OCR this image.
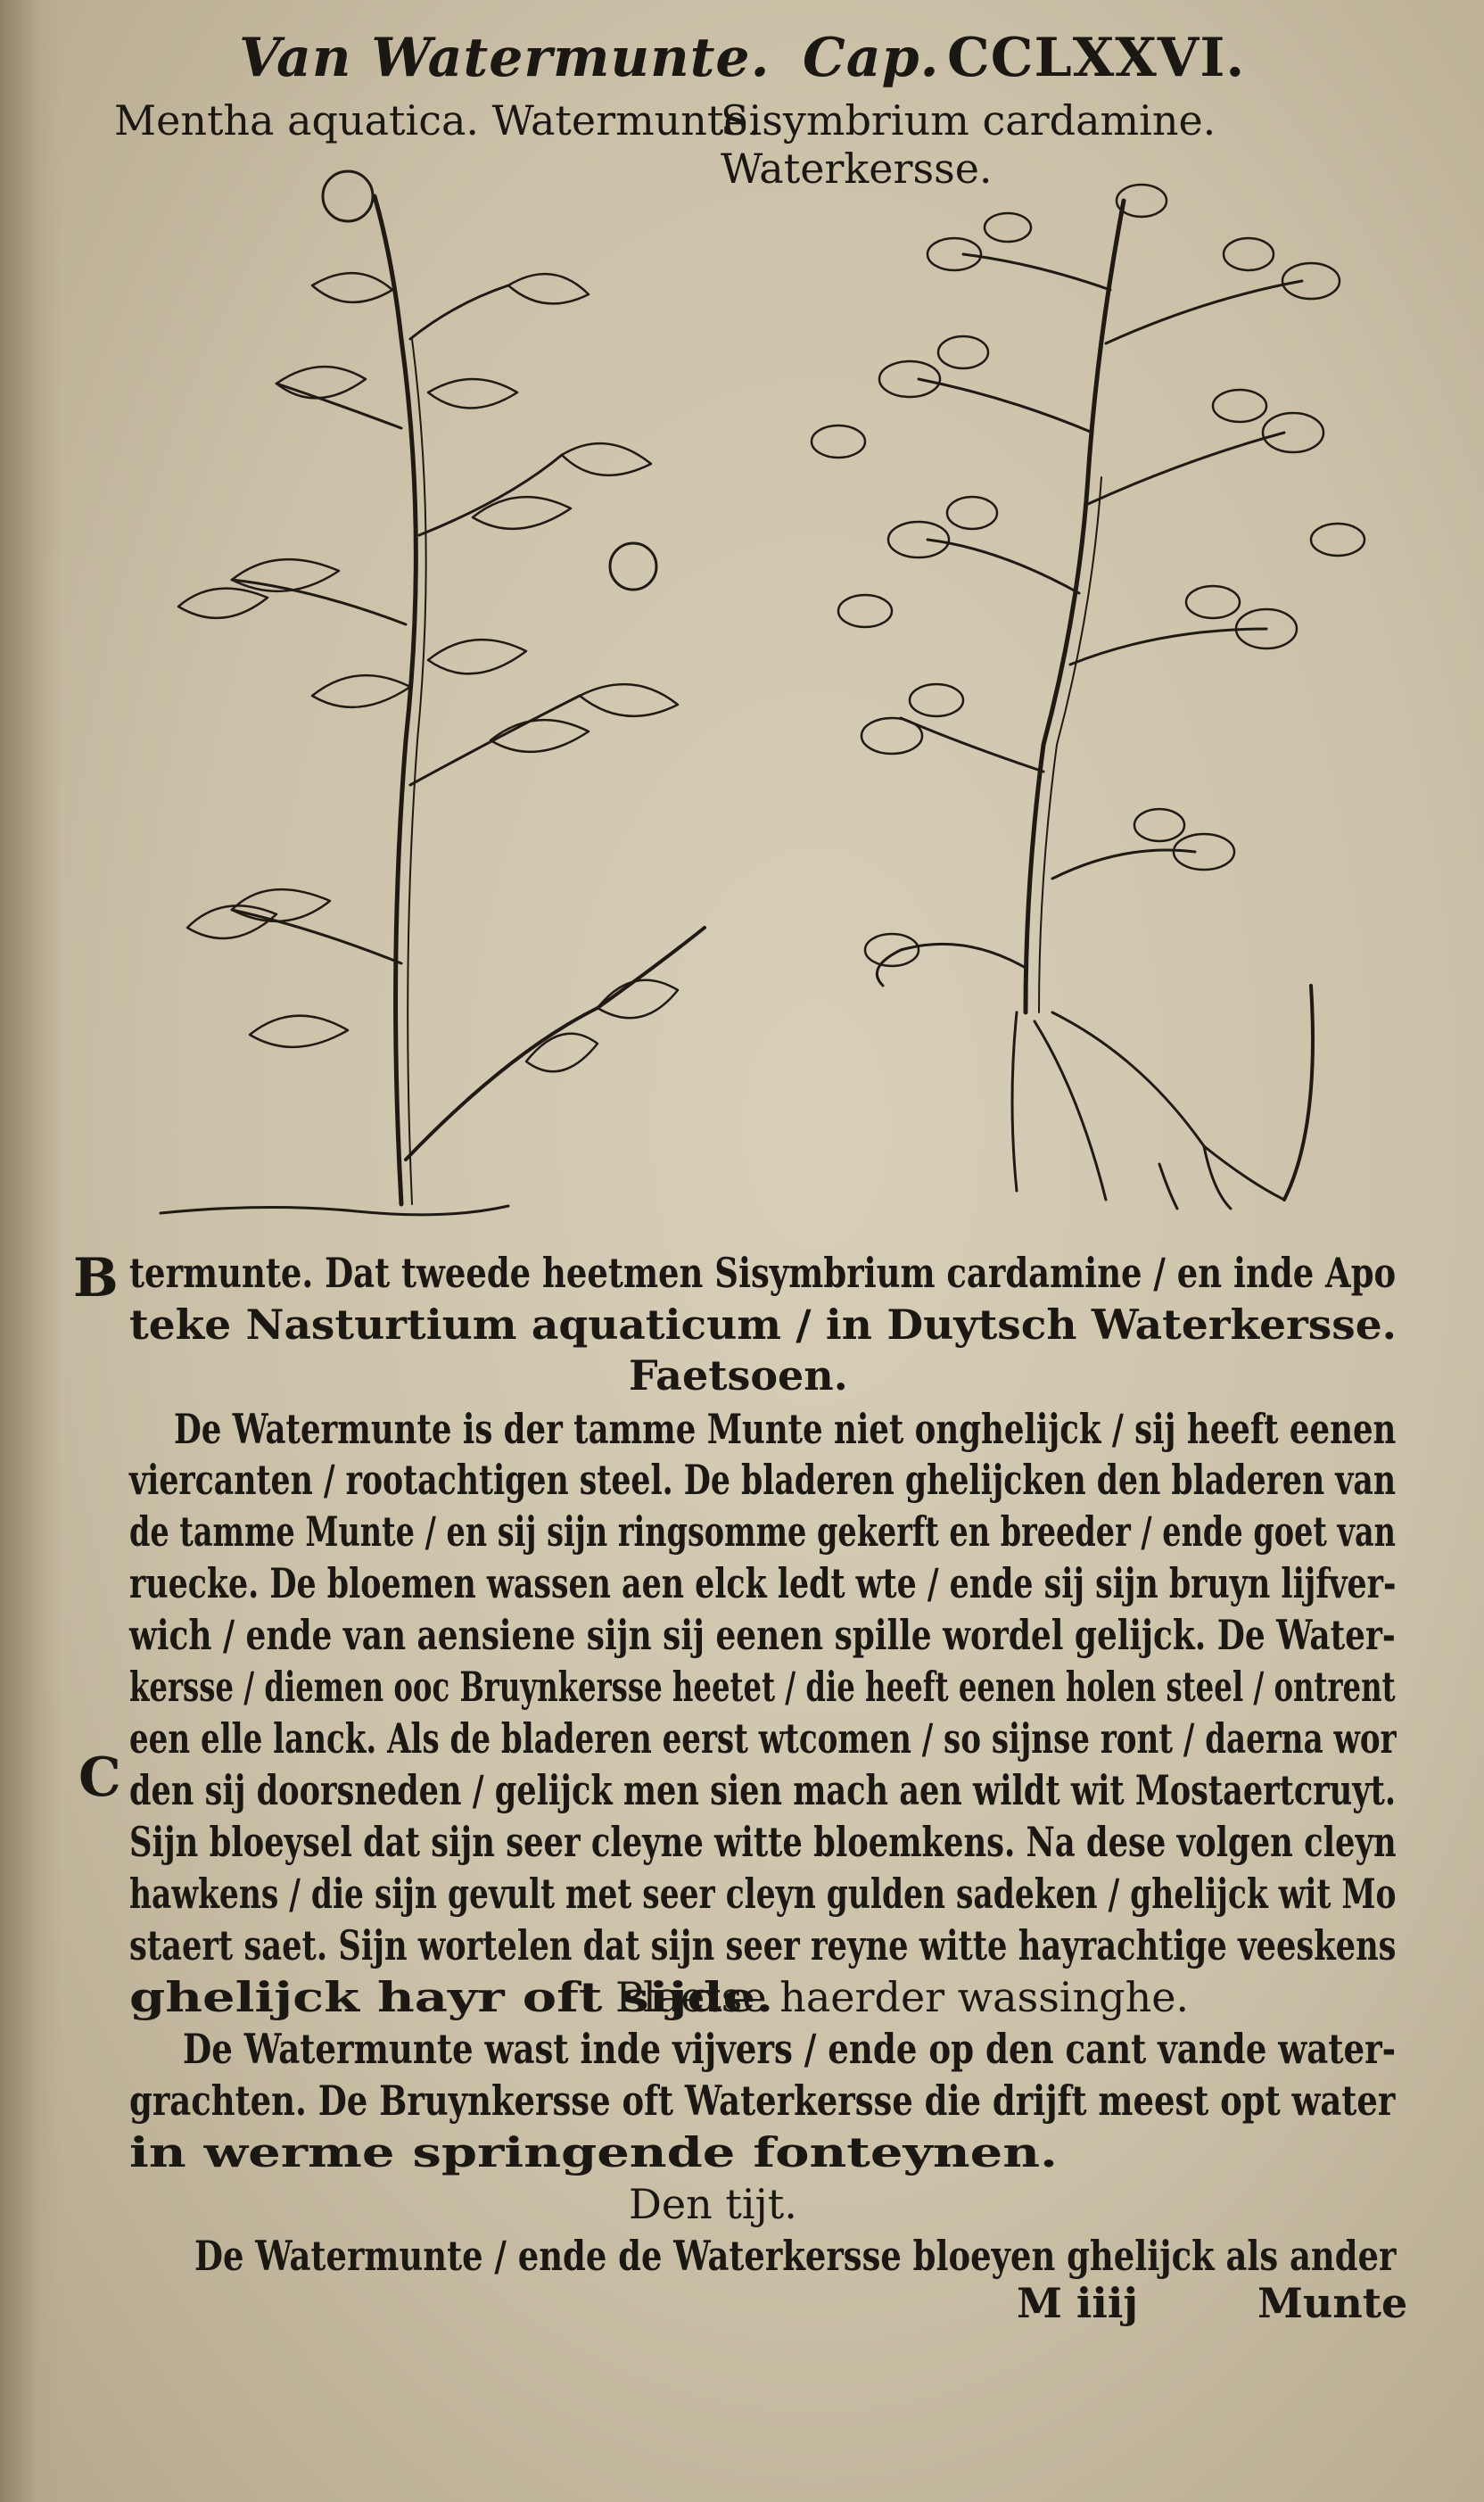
Van Watermunte. Cap. CCLXXVI.
Mentha aquatica. Watermunte.
Sisymbrium cardamine. Waterkersse.
B
C
termunte. Dat tweede heetmen Sisymbrium cardamine / en inde Apo
teke Nasturtium aquaticum / in Duytsch Waterkersse.
Faetsoen.
De Watermunte is der tamme Munte niet onghelijck / sij heeft eenen
viercanten / rootachtigen steel. De bladeren ghelijcken den bladeren van
de tamme Munte / en sij sijn ringsomme gekerft en breeder / ende goet van
ruecke. De bloemen wassen aen elck ledt wte / ende sij sijn bruyn lijfver-
wich / ende van aensiene sijn sij eenen spille wordel gelijck. De Water-
kersse / diemen ooc Bruynkersse heetet / die heeft eenen holen steel / ontrent
een elle lanck. Als de bladeren eerst wtcomen / so sijnse ront / daerna wor
den sij doorsneden / gelijck men sien mach aen wildt wit Mostaertcruyt.
Sijn bloeysel dat sijn seer cleyne witte bloemkens. Na dese volgen cleyn
hawkens / die sijn gevult met seer cleyn gulden sadeken / ghelijck wit Mo
staert saet. Sijn wortelen dat sijn seer reyne witte hayrachtige veeskens
ghelijck hayr oft sijde.
Plaetse haerder wassinghe.
De Watermunte wast inde vijvers / ende op den cant vande water-
grachten. De Bruynkersse oft Waterkersse die drijft meest opt water
in werme springende fonteynen.
Den tijt.
De Watermunte / ende de Waterkersse bloeyen ghelijck als ander
M iiij	Munte
